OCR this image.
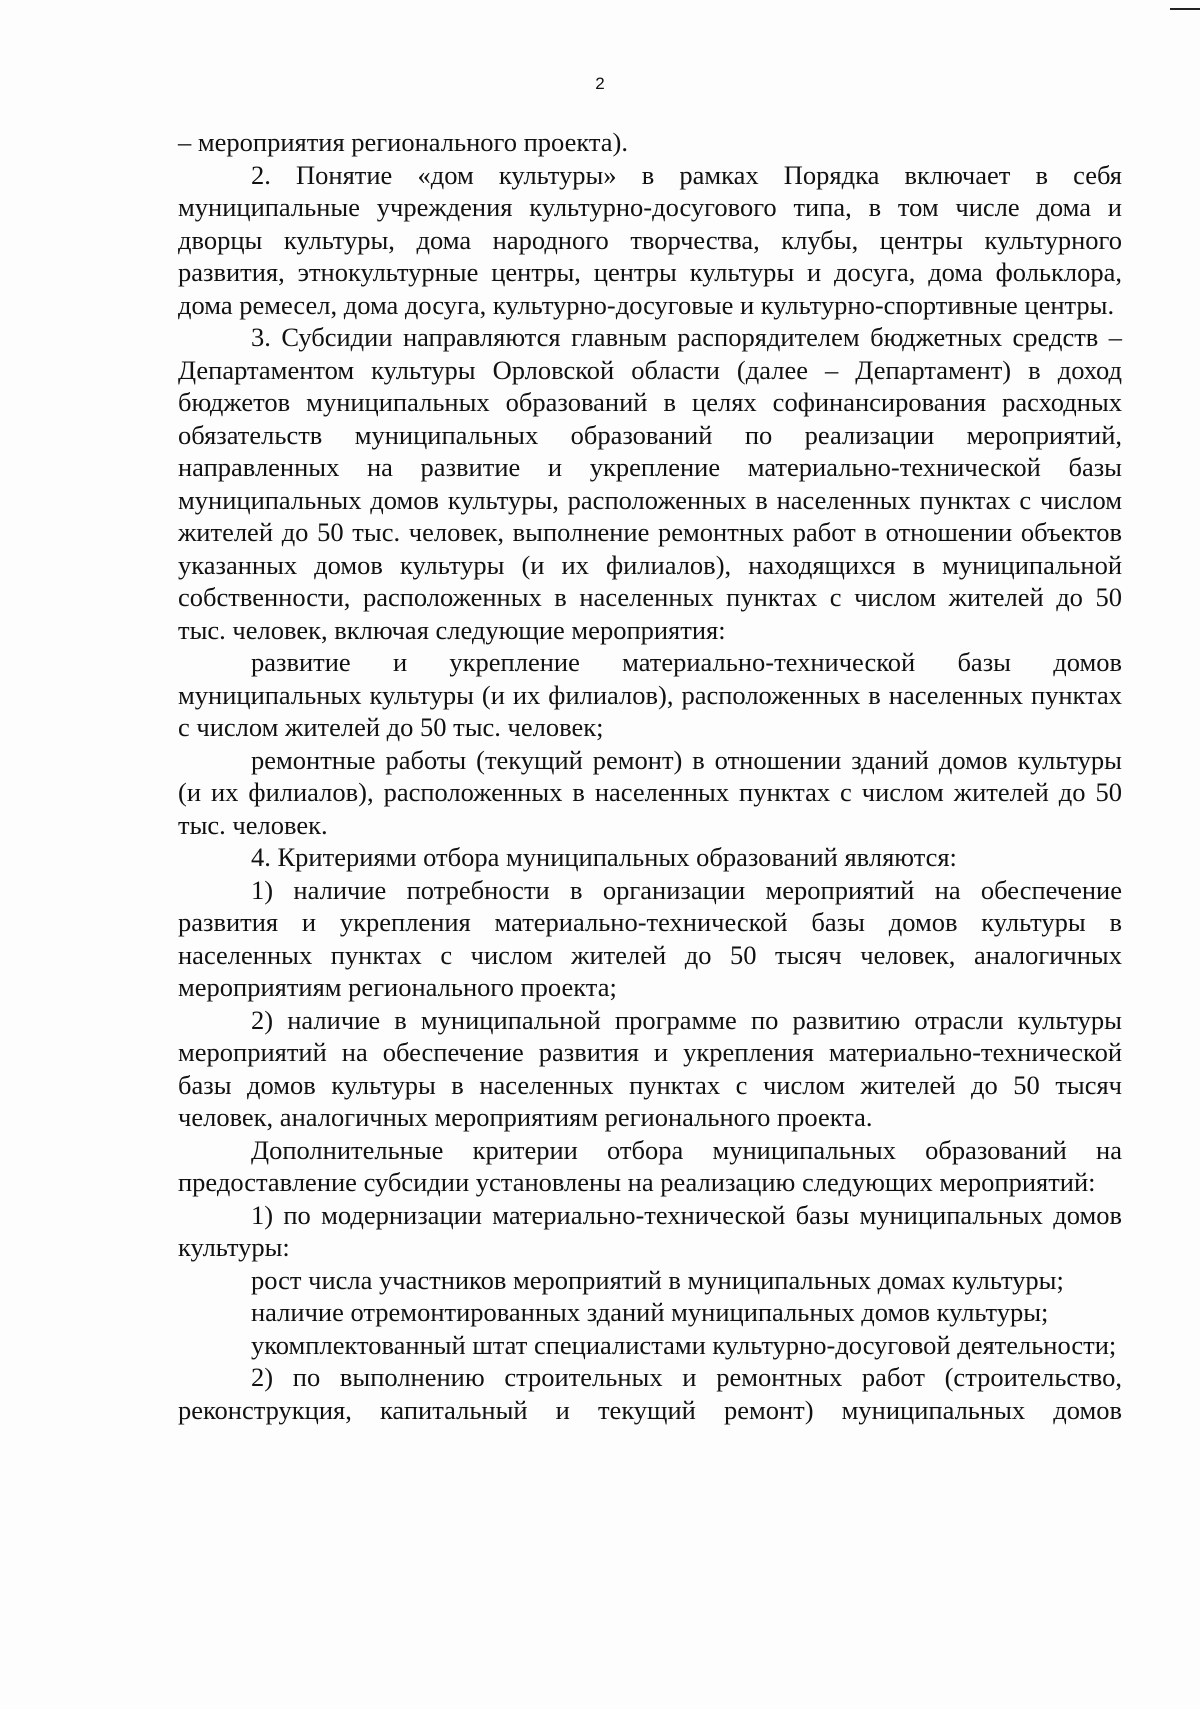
2

– мероприятия регионального проекта).

2. Понятие «дом культуры» в рамках Порядка включает в себя муниципальные учреждения культурно-досугового типа, в том числе дома и дворцы культуры, дома народного творчества, клубы, центры культурного развития, этнокультурные центры, центры культуры и досуга, дома фольклора, дома ремесел, дома досуга, культурно-досуговые и культурно-спортивные центры.

3. Субсидии направляются главным распорядителем бюджетных средств – Департаментом культуры Орловской области (далее – Департамент) в доход бюджетов муниципальных образований в целях софинансирования расходных обязательств муниципальных образований по реализации мероприятий, направленных на развитие и укрепление материально-технической базы муниципальных домов культуры, расположенных в населенных пунктах с числом жителей до 50 тыс. человек, выполнение ремонтных работ в отношении объектов указанных домов культуры (и их филиалов), находящихся в муниципальной собственности, расположенных в населенных пунктах с числом жителей до 50 тыс. человек, включая следующие мероприятия:

развитие и укрепление материально-технической базы домов муниципальных культуры (и их филиалов), расположенных в населенных пунктах с числом жителей до 50 тыс. человек;

ремонтные работы (текущий ремонт) в отношении зданий домов культуры (и их филиалов), расположенных в населенных пунктах с числом жителей до 50 тыс. человек.

4. Критериями отбора муниципальных образований являются:

1) наличие потребности в организации мероприятий на обеспечение развития и укрепления материально-технической базы домов культуры в населенных пунктах с числом жителей до 50 тысяч человек, аналогичных мероприятиям регионального проекта;

2) наличие в муниципальной программе по развитию отрасли культуры мероприятий на обеспечение развития и укрепления материально-технической базы домов культуры в населенных пунктах с числом жителей до 50 тысяч человек, аналогичных мероприятиям регионального проекта.

Дополнительные критерии отбора муниципальных образований на предоставление субсидии установлены на реализацию следующих мероприятий:

1) по модернизации материально-технической базы муниципальных домов культуры:

рост числа участников мероприятий в муниципальных домах культуры;

наличие отремонтированных зданий муниципальных домов культуры;

укомплектованный штат специалистами культурно-досуговой деятельности;

2) по выполнению строительных и ремонтных работ (строительство, реконструкция, капитальный и текущий ремонт) муниципальных домов
